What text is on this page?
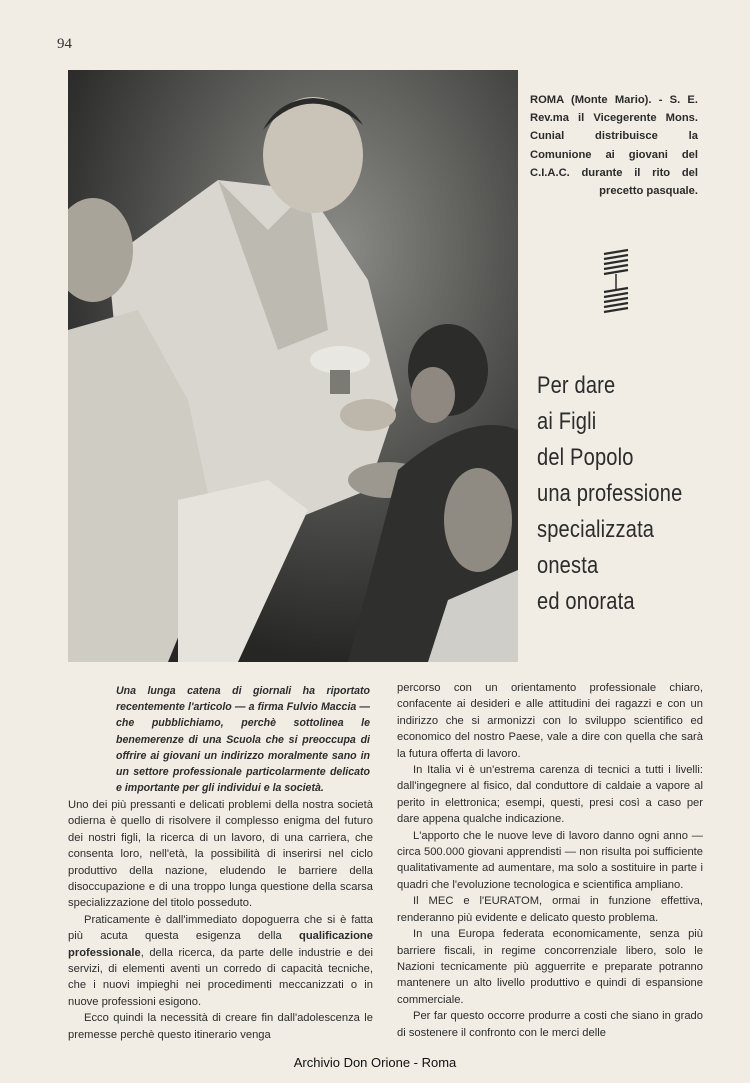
94
ROMA (Monte Mario). - S. E. Rev.ma il Vicegerente Mons. Cunial distribuisce la Comunione ai giovani del C.I.A.C. durante il rito del precetto pasquale.
Per dare
ai Figli
del Popolo
una professione
specializzata
onesta
ed onorata
Una lunga catena di giornali ha riportato recentemente l'articolo — a firma Fulvio Maccia — che pubblichiamo, perchè sottolinea le benemerenze di una Scuola che si preoccupa di offrire ai giovani un indirizzo moralmente sano in un settore professionale particolarmente delicato e importante per gli individui e la società.

Uno dei più pressanti e delicati problemi della nostra società odierna è quello di risolvere il complesso enigma del futuro dei nostri figli, la ricerca di un lavoro, di una carriera, che consenta loro, nell'età, la possibilità di inserirsi nel ciclo produttivo della nazione, eludendo le barriere della disoccupazione e di una troppo lunga questione della scarsa specializzazione del titolo posseduto.

Praticamente è dall'immediato dopoguerra che si è fatta più acuta questa esigenza della qualificazione professionale, della ricerca, da parte delle industrie e dei servizi, di elementi aventi un corredo di capacità tecniche, che i nuovi impieghi nei procedimenti meccanizzati o in nuove professioni esigono.

Ecco quindi la necessità di creare fin dall'adolescenza le premesse perchè questo itinerario venga

percorso con un orientamento professionale chiaro, confacente ai desideri e alle attitudini dei ragazzi e con un indirizzo che si armonizzi con lo sviluppo scientifico ed economico del nostro Paese, vale a dire con quella che sarà la futura offerta di lavoro.

In Italia vi è un'estrema carenza di tecnici a tutti i livelli: dall'ingegnere al fisico, dal conduttore di caldaie a vapore al perito in elettronica; esempi, questi, presi così a caso per dare appena qualche indicazione.

L'apporto che le nuove leve di lavoro danno ogni anno — circa 500.000 giovani apprendisti — non risulta poi sufficiente qualitativamente ad aumentare, ma solo a sostituire in parte i quadri che l'evoluzione tecnologica e scientifica ampliano.

Il MEC e l'EURATOM, ormai in funzione effettiva, renderanno più evidente e delicato questo problema.

In una Europa federata economicamente, senza più barriere fiscali, in regime concorrenziale libero, solo le Nazioni tecnicamente più agguerrite e preparate potranno mantenere un alto livello produttivo e quindi di espansione commerciale.

Per far questo occorre produrre a costi che siano in grado di sostenere il confronto con le merci delle

Archivio Don Orione - Roma
